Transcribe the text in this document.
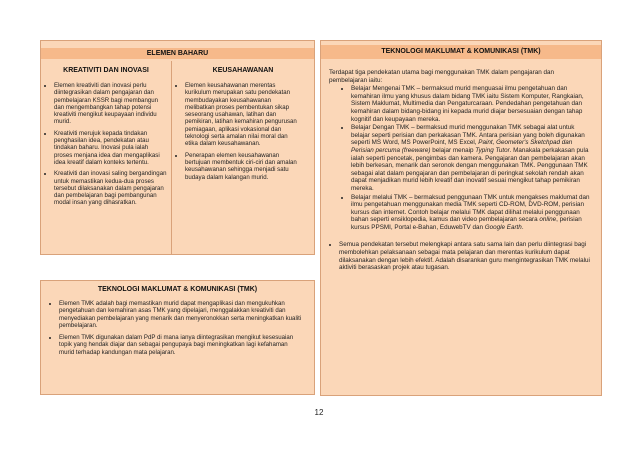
ELEMEN BAHARU
KREATIVITI DAN INOVASI
• Elemen kreativiti dan inovasi perlu diintegrasikan dalam pengajaran dan pembelajaran KSSR bagi membangun dan mengembangkan tahap potensi kreativiti mengikut keupayaan individu murid.
• Kreativiti merujuk kepada tindakan penghasilan idea, pendekatan atau tindakan baharu. Inovasi pula ialah proses menjana idea dan mengaplikasi idea kreatif dalam konteks tertentu.
• Kreativiti dan inovasi saling bergandingan untuk memastikan kedua-dua proses tersebut dilaksanakan dalam pengajaran dan pembelajaran bagi pembangunan modal insan yang dihasratkan.
KEUSAHAWANAN
• Elemen keusahawanan merentas kurikulum merupakan satu pendekatan membudayakan keusahawanan melibatkan proses pembentukan sikap seseorang usahawan, latihan dan pemikiran, latihan kemahiran pengurusan pemiagaan, aplikasi vokasional dan teknologi serta amalan nilai moral dan etika dalam keusahawanan.
• Penerapan elemen keusahawanan bertujuan membentuk ciri-ciri dan amalan keusahawanan sehingga menjadi satu budaya dalam kalangan murid.
TEKNOLOGI MAKLUMAT & KOMUNIKASI (TMK)
• Elemen TMK adalah bagi memastikan murid dapat mengaplikasi dan mengukuhkan pengetahuan dan kemahiran asas TMK yang dipelajari, menggalakkan kreativiti dan menyediakan pembelajaran yang menarik dan menyeronokkan serta meningkatkan kualiti pembelajaran.
• Elemen TMK digunakan dalam PdP di mana ianya diintegrasikan mengikut kesesuaian topik yang hendak diajar dan sebagai pengupaya bagi meningkatkan lagi kefahaman murid terhadap kandungan mata pelajaran.
TEKNOLOGI MAKLUMAT & KOMUNIKASI (TMK)
Terdapat tiga pendekatan utama bagi menggunakan TMK dalam pengajaran dan pembelajaran iaitu:
• Belajar Mengenai TMK – bermaksud murid menguasai ilmu pengetahuan dan kemahiran ilmu yang khusus dalam bidang TMK iaitu Sistem Komputer, Rangkaian, Sistem Maklumat, Multimedia dan Pengaturcaraan. Pendedahan pengetahuan dan kemahiran dalam bidang-bidang ini kepada murid diajar bersesuaian dengan tahap kognitif dan keupayaan mereka.
• Belajar Dengan TMK – bermaksud murid menggunakan TMK sebagai alat untuk belajar seperti perisian dan perkakasan TMK. Antara perisian yang boleh digunakan seperti MS Word, MS PowerPoint, MS Excel, Paint, Geometer's Sketchpad dan Perisian percuma (freeware) belajar menaip Typing Tutor. Manakala perkakasan pula ialah seperti pencetak, pengimbas dan kamera. Pengajaran dan pembelajaran akan lebih berkesan, menarik dan seronok dengan menggunakan TMK. Penggunaan TMK sebagai alat dalam pengajaran dan pembelajaran di peringkat sekolah rendah akan dapat menjadikan murid lebih kreatif dan inovatif sesuai mengikut tahap pemikiran mereka.
• Belajar melalui TMK – bermaksud penggunaan TMK untuk mengakses maklumat dan ilmu pengetahuan menggunakan media TMK seperti CD-ROM, DVD-ROM, perisian kursus dan internet. Contoh belajar melalui TMK dapat dilihat melalui penggunaan bahan seperti ensiklopedia, kamus dan video pembelajaran secara online, perisian kursus PPSMI, Portal e-Bahan, EduwebTV dan Google Earth.
• Semua pendekatan tersebut melengkapi antara satu sama lain dan perlu diintegrasi bagi membolehkan pelaksanaan sebagai mata pelajaran dan merentas kurikulum dapat dilaksanakan dengan lebih efektif. Adalah disarankan guru mengintegrasikan TMK melalui aktiviti berasaskan projek atau tugasan.
12
